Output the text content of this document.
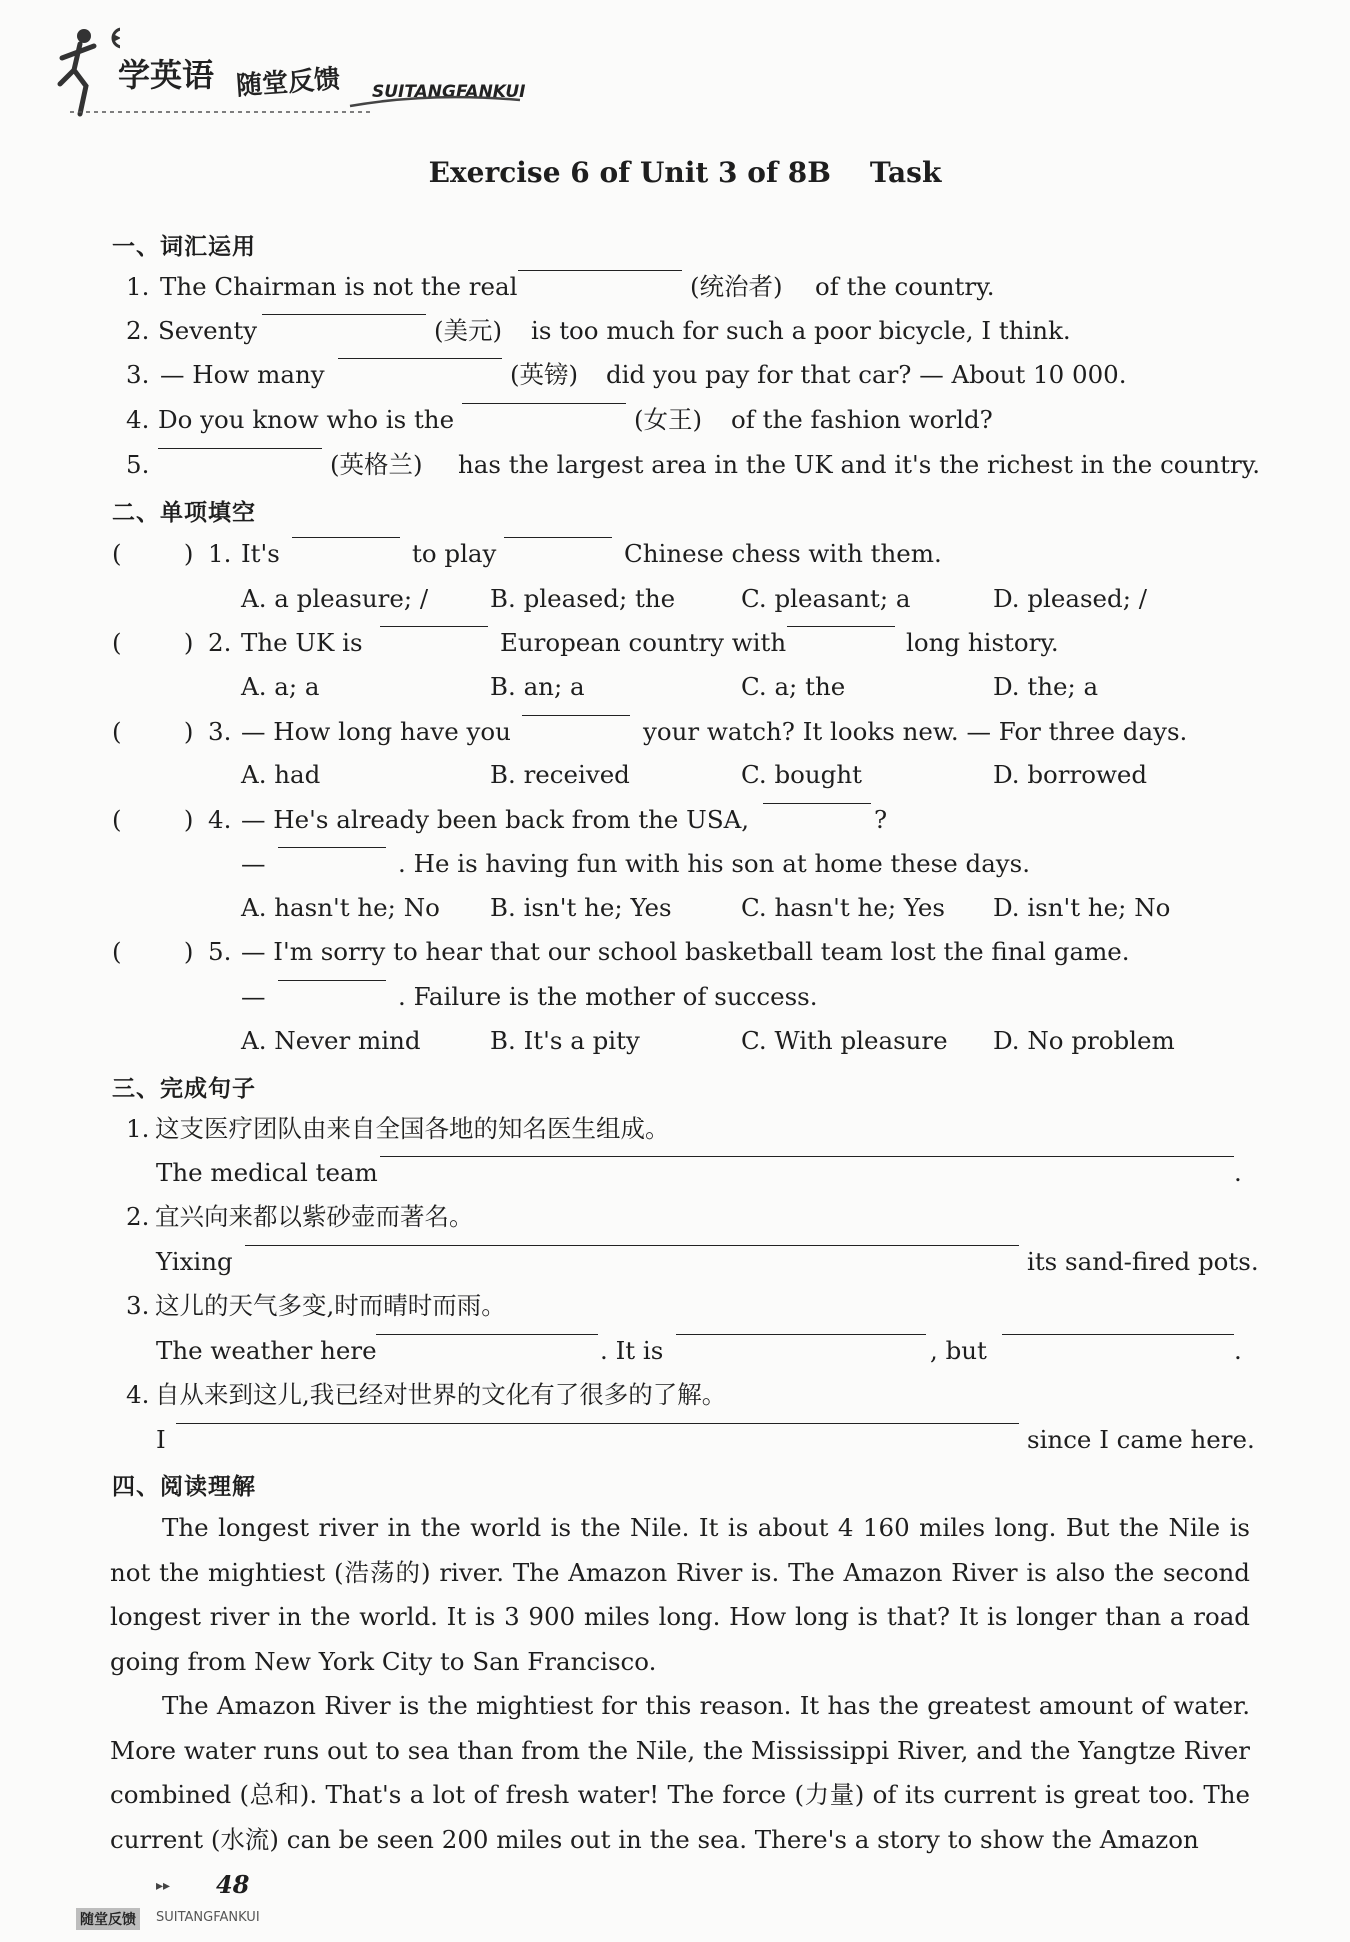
学英语 随堂反馈 SUITANGFANKUI
Exercise 6 of Unit 3 of 8B    Task
一、词汇运用
1. The Chairman is not the real	(统治者) of the country.
2. Seventy	(美元) is too much for such a poor bicycle, I think.
3. — How many	(英镑) did you pay for that car? — About 10 000.
4. Do you know who is the	(女王) of the fashion world?
5.	(英格兰) has the largest area in the UK and it's the richest in the country.
二、单项填空
(        ) 1. It's	to play	Chinese chess with them.
A. a pleasure; /	B. pleased; the	C. pleasant; a	D. pleased; /
(        ) 2. The UK is	European country with	long history.
A. a; a	B. an; a	C. a; the	D. the; a
(        ) 3. — How long have you	your watch? It looks new. — For three days.
A. had	B. received	C. bought	D. borrowed
(        ) 4. — He's already been back from the USA,	?
—	. He is having fun with his son at home these days.
A. hasn't he; No B. isn't he; Yes	C. hasn't he; Yes D. isn't he; No
(        ) 5. — I'm sorry to hear that our school basketball team lost the final game.
—	. Failure is the mother of success.
A. Never mind	B. It's a pity	C. With pleasure D. No problem
三、完成句子
1. 这支医疗团队由来自全国各地的知名医生组成。
The medical team	.
2. 宜兴向来都以紫砂壶而著名。
Yixing	its sand-fired pots.
3. 这儿的天气多变,时而晴时而雨。
The weather here	. It is	, but	.
4. 自从来到这儿,我已经对世界的文化有了很多的了解。
I	since I came here.
四、阅读理解

The longest river in the world is the Nile. It is about 4 160 miles long. But the Nile is not the mightiest (浩荡的) river. The Amazon River is. The Amazon River is also the second longest river in the world. It is 3 900 miles long. How long is that? It is longer than a road going from New York City to San Francisco.

The Amazon River is the mightiest for this reason. It has the greatest amount of water. More water runs out to sea than from the Nile, the Mississippi River, and the Yangtze River combined (总和). That's a lot of fresh water! The force (力量) of its current is great too. The current (水流) can be seen 200 miles out in the sea. There's a story to show the Amazon

▸▸ 48
随堂反馈	SUITANGFANKUI
